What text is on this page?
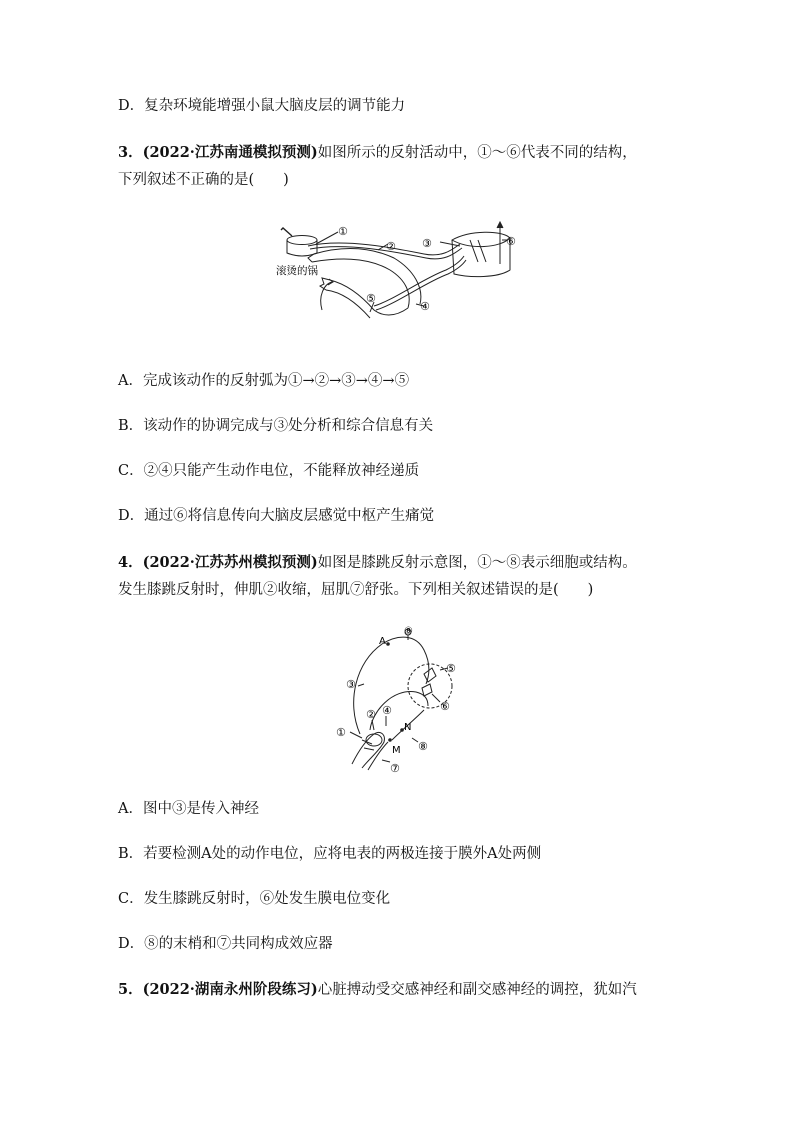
D．复杂环境能增强小鼠大脑皮层的调节能力
3．(2022·江苏南通模拟预测)如图所示的反射活动中，①～⑥代表不同的结构，
下列叙述不正确的是(　　)
①
② ③
④
⑤
⑥
滚烫的锅
A．完成该动作的反射弧为①→②→③→④→⑤
B．该动作的协调完成与③处分析和综合信息有关
C．②④只能产生动作电位，不能释放神经递质
D．通过⑥将信息传向大脑皮层感觉中枢产生痛觉
4．(2022·江苏苏州模拟预测)如图是膝跳反射示意图，①～⑧表示细胞或结构。
发生膝跳反射时，伸肌②收缩，屈肌⑦舒张。下列相关叙述错误的是(　　)
A
N
M
⑧
①
②
③
④
⑤
⑥
⑦
⑧
A．图中③是传入神经
B．若要检测A处的动作电位，应将电表的两极连接于膜外A处两侧
C．发生膝跳反射时，⑥处发生膜电位变化
D．⑧的末梢和⑦共同构成效应器
5．(2022·湖南永州阶段练习)心脏搏动受交感神经和副交感神经的调控，犹如汽
